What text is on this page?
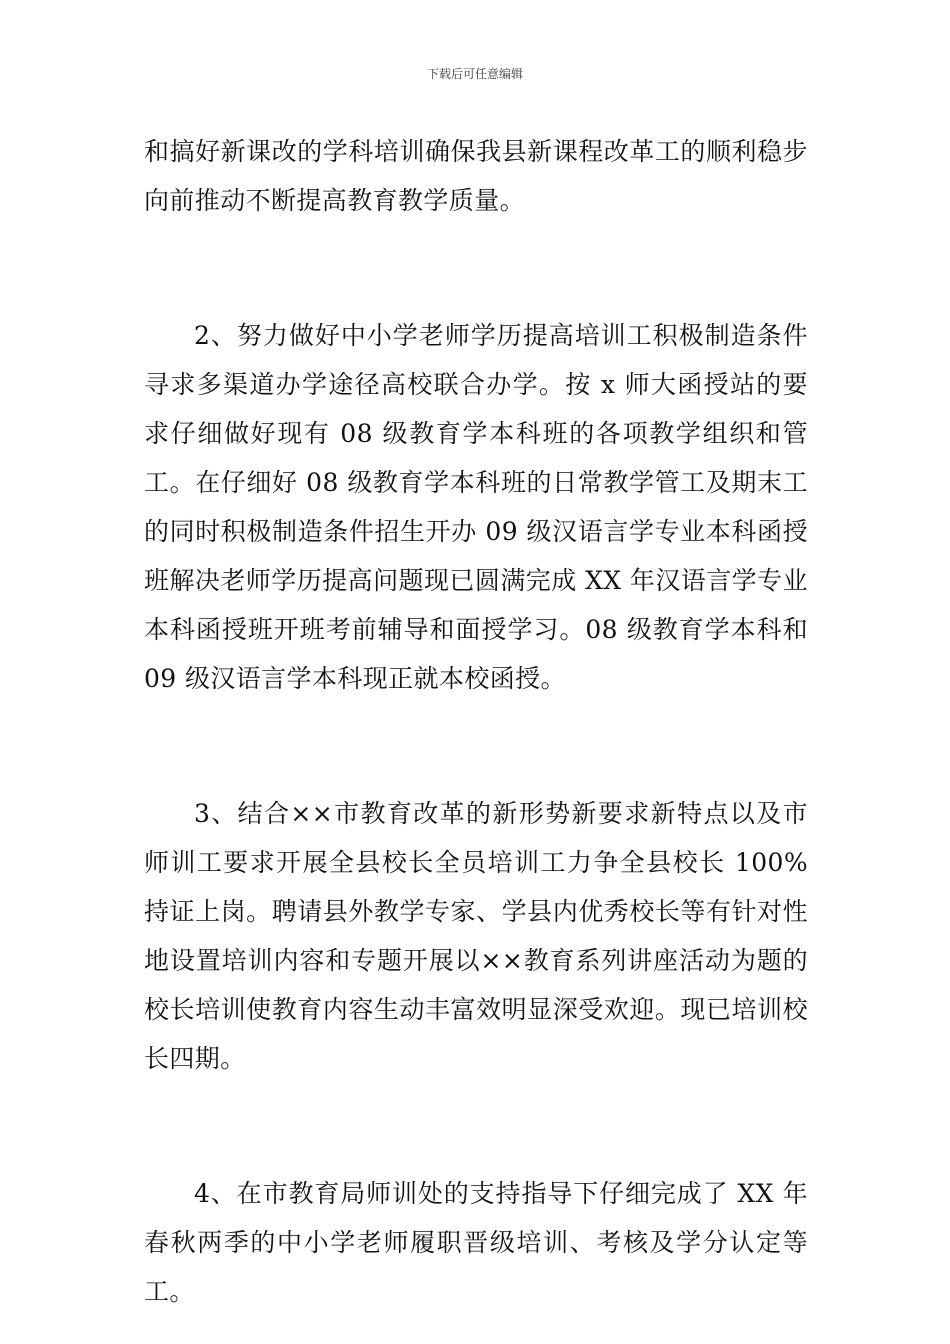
下载后可任意编辑

和搞好新课改的学科培训确保我县新课程改革工的顺利稳步向前推动不断提高教育教学质量。

2、努力做好中小学老师学历提高培训工积极制造条件寻求多渠道办学途径高校联合办学。按 x 师大函授站的要求仔细做好现有 08 级教育学本科班的各项教学组织和管工。在仔细好 08 级教育学本科班的日常教学管工及期末工的同时积极制造条件招生开办 09 级汉语言学专业本科函授班解决老师学历提高问题现已圆满完成 XX 年汉语言学专业本科函授班开班考前辅导和面授学习。08 级教育学本科和 09 级汉语言学本科现正就本校函授。

3、结合××市教育改革的新形势新要求新特点以及市师训工要求开展全县校长全员培训工力争全县校长 100%持证上岗。聘请县外教学专家、学县内优秀校长等有针对性地设置培训内容和专题开展以××教育系列讲座活动为题的校长培训使教育内容生动丰富效明显深受欢迎。现已培训校长四期。

4、在市教育局师训处的支持指导下仔细完成了 XX 年春秋两季的中小学老师履职晋级培训、考核及学分认定等工。
